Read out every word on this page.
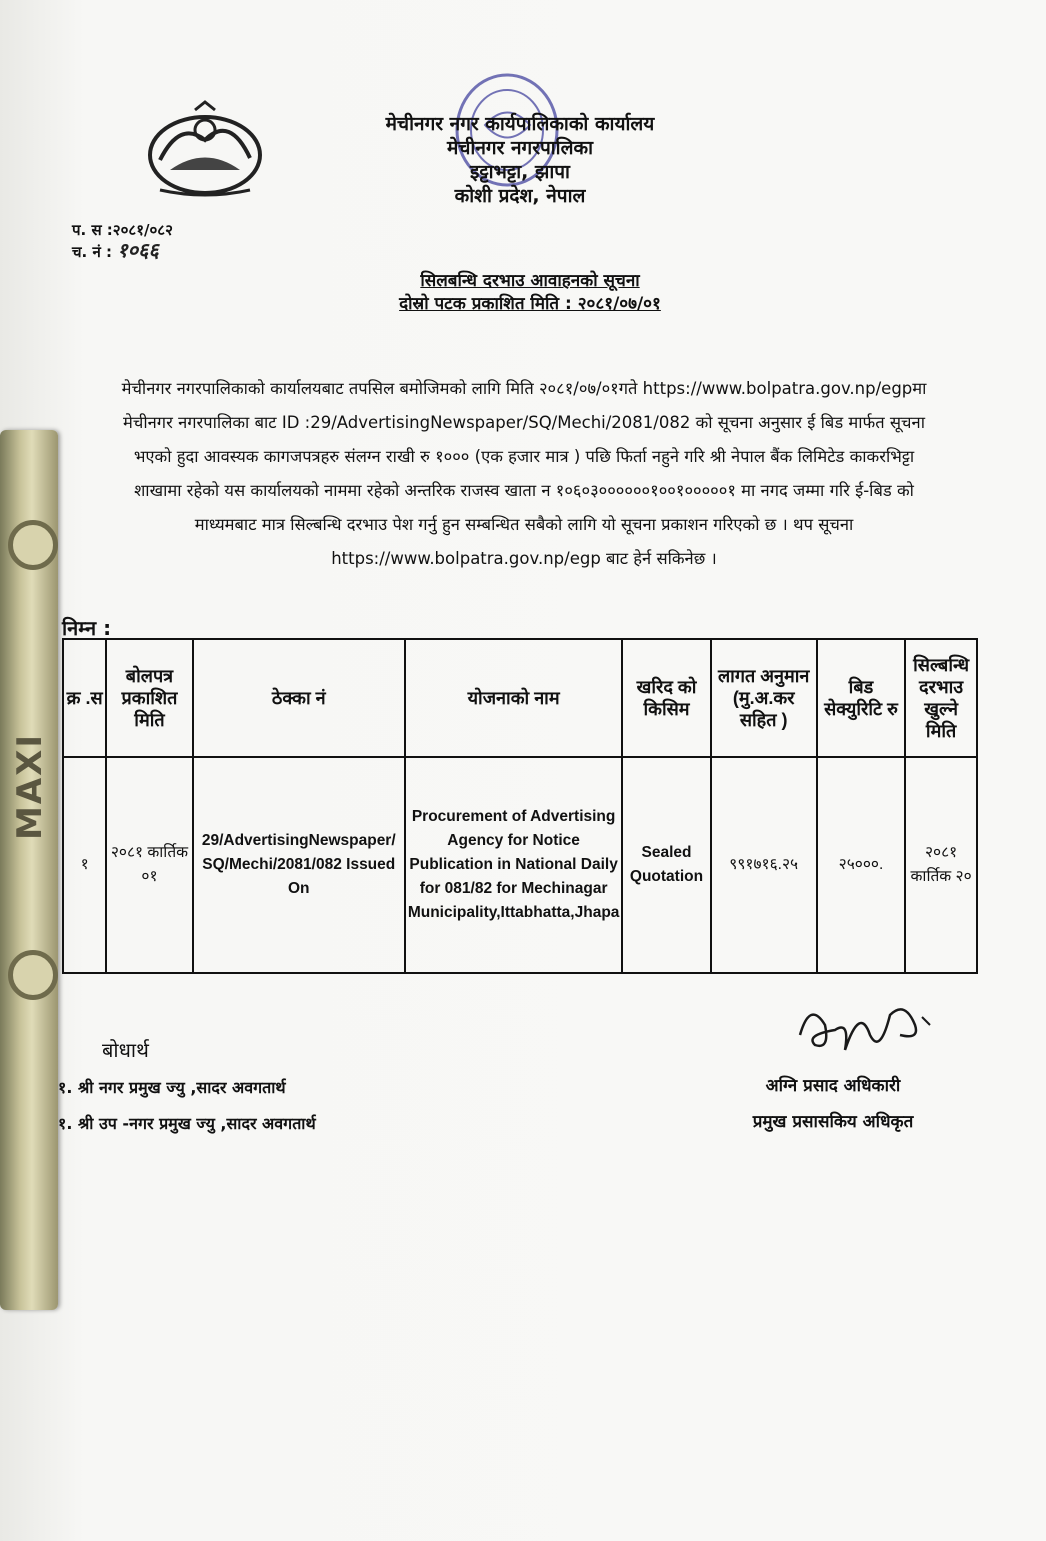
MAXI
मेचीनगर नगर कार्यपालिकाको कार्यालय
मेचीनगर नगरपालिका
इट्टाभट्टा, झापा
कोशी प्रदेश, नेपाल
प. स :२०८१/०८२
च. नं : १०६६
सिलबन्धि दरभाउ आवाहनको सूचना
दोस्रो पटक प्रकाशित मिति : २०८१/०७/०१

मेचीनगर नगरपालिकाको कार्यालयबाट तपसिल बमोजिमको लागि मिति २०८१/०७/०१गते https://www.bolpatra.gov.np/egpमा

मेचीनगर नगरपालिका बाट ID :29/AdvertisingNewspaper/SQ/Mechi/2081/082 को सूचना अनुसार ई बिड मार्फत सूचना

भएको हुदा आवस्यक कागजपत्रहरु संलग्न राखी रु १००० (एक हजार मात्र ) पछि फिर्ता नहुने गरि श्री नेपाल बैंक लिमिटेड काकरभिट्टा

शाखामा रहेको यस कार्यालयको नाममा रहेको अन्तरिक राजस्व खाता न १०६०३००००००१००१०००००१ मा नगद जम्मा गरि ई-बिड को

माध्यमबाट मात्र सिल्बन्धि दरभाउ पेश गर्नु हुन सम्बन्धित सबैको लागि यो सूचना प्रकाशन गरिएको छ । थप सूचना

https://www.bolpatra.gov.np/egp बाट हेर्न सकिनेछ ।

निम्न :
क्र .स	बोलपत्र प्रकाशित मिति	ठेक्का नं	योजनाको नाम	खरिद को किसिम	लागत अनुमान (मु.अ.कर सहित )	बिड सेक्युरिटि रु	सिल्बन्धि दरभाउ खुल्ने मिति
१	२०८१ कार्तिक ०१	29/AdvertisingNewspaper/ SQ/Mechi/2081/082 Issued On	Procurement of Advertising Agency for Notice Publication in National Daily for 081/82 for Mechinagar Municipality,Ittabhatta,Jhapa	Sealed Quotation	९९१७१६.२५	२५०००.	२०८१ कार्तिक २०
बोधार्थ
१. श्री नगर प्रमुख ज्यु ,सादर अवगतार्थ
१. श्री उप -नगर प्रमुख ज्यु ,सादर अवगतार्थ
अग्नि प्रसाद अधिकारी
प्रमुख प्रसासकिय अधिकृत
